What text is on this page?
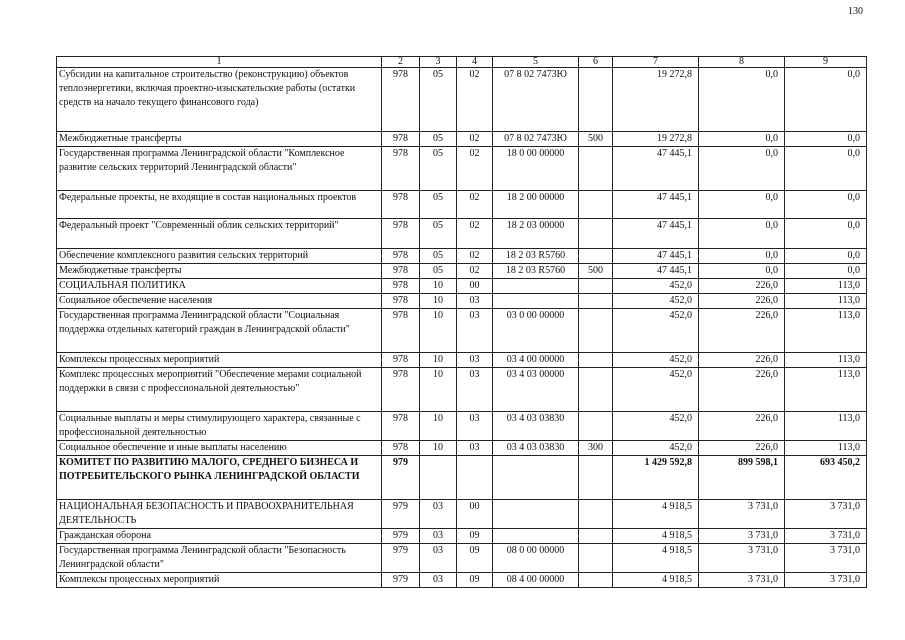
130
1	2	3	4	5	6	7	8	9
Субсидии на капитальное строительство (реконструкцию) объектов теплоэнергетики, включая проектно-изыскательские работы (остатки средств на начало текущего финансового года)	978	05	02	07 8 02 7473Ю		19 272,8	0,0	0,0
Межбюджетные трансферты	978	05	02	07 8 02 7473Ю	500	19 272,8	0,0	0,0
Государственная программа Ленинградской области "Комплексное развитие сельских территорий Ленинградской области"	978	05	02	18 0 00 00000		47 445,1	0,0	0,0
Федеральные проекты, не входящие в состав национальных проектов	978	05	02	18 2 00 00000		47 445,1	0,0	0,0
Федеральный проект "Современный облик сельских территорий"	978	05	02	18 2 03 00000		47 445,1	0,0	0,0
Обеспечение комплексного развития сельских территорий	978	05	02	18 2 03 R5760		47 445,1	0,0	0,0
Межбюджетные трансферты	978	05	02	18 2 03 R5760	500	47 445,1	0,0	0,0
СОЦИАЛЬНАЯ ПОЛИТИКА	978	10	00			452,0	226,0	113,0
Социальное обеспечение населения	978	10	03			452,0	226,0	113,0
Государственная программа Ленинградской области "Социальная поддержка отдельных категорий граждан в Ленинградской области"	978	10	03	03 0 00 00000		452,0	226,0	113,0
Комплексы процессных мероприятий	978	10	03	03 4 00 00000		452,0	226,0	113,0
Комплекс процессных мероприятий "Обеспечение мерами социальной поддержки в связи с профессиональной деятельностью"	978	10	03	03 4 03 00000		452,0	226,0	113,0
Социальные выплаты и меры стимулирующего характера, связанные с профессиональной деятельностью	978	10	03	03 4 03 03830		452,0	226,0	113,0
Социальное обеспечение и иные выплаты населению	978	10	03	03 4 03 03830	300	452,0	226,0	113,0
КОМИТЕТ ПО РАЗВИТИЮ МАЛОГО, СРЕДНЕГО БИЗНЕСА И ПОТРЕБИТЕЛЬСКОГО РЫНКА ЛЕНИНГРАДСКОЙ ОБЛАСТИ	979					1 429 592,8	899 598,1	693 450,2
НАЦИОНАЛЬНАЯ БЕЗОПАСНОСТЬ И ПРАВООХРАНИТЕЛЬНАЯ ДЕЯТЕЛЬНОСТЬ	979	03	00			4 918,5	3 731,0	3 731,0
Гражданская оборона	979	03	09			4 918,5	3 731,0	3 731,0
Государственная программа Ленинградской области "Безопасность Ленинградской области"	979	03	09	08 0 00 00000		4 918,5	3 731,0	3 731,0
Комплексы процессных мероприятий	979	03	09	08 4 00 00000		4 918,5	3 731,0	3 731,0
